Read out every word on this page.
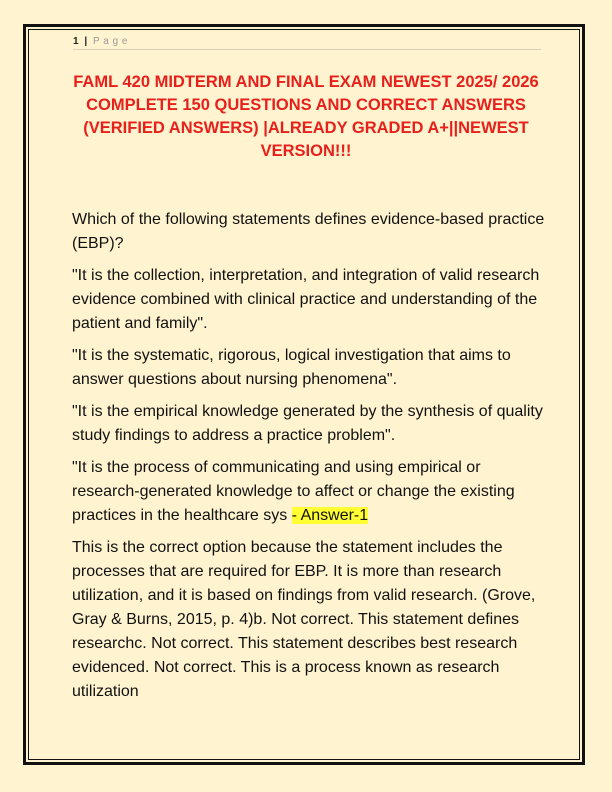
1 | P a g e
FAML 420 MIDTERM AND FINAL EXAM NEWEST 2025/ 2026 COMPLETE 150 QUESTIONS AND CORRECT ANSWERS (VERIFIED ANSWERS) |ALREADY GRADED A+||NEWEST VERSION!!!

Which of the following statements defines evidence-based practice (EBP)?

"It is the collection, interpretation, and integration of valid research evidence combined with clinical practice and understanding of the patient and family".

"It is the systematic, rigorous, logical investigation that aims to answer questions about nursing phenomena".

"It is the empirical knowledge generated by the synthesis of quality study findings to address a practice problem".

"It is the process of communicating and using empirical or research-generated knowledge to affect or change the existing practices in the healthcare sys - Answer-1

This is the correct option because the statement includes the processes that are required for EBP. It is more than research utilization, and it is based on findings from valid research. (Grove, Gray & Burns, 2015, p. 4)b. Not correct. This statement defines researchc. Not correct. This statement describes best research evidenced. Not correct. This is a process known as research utilization
